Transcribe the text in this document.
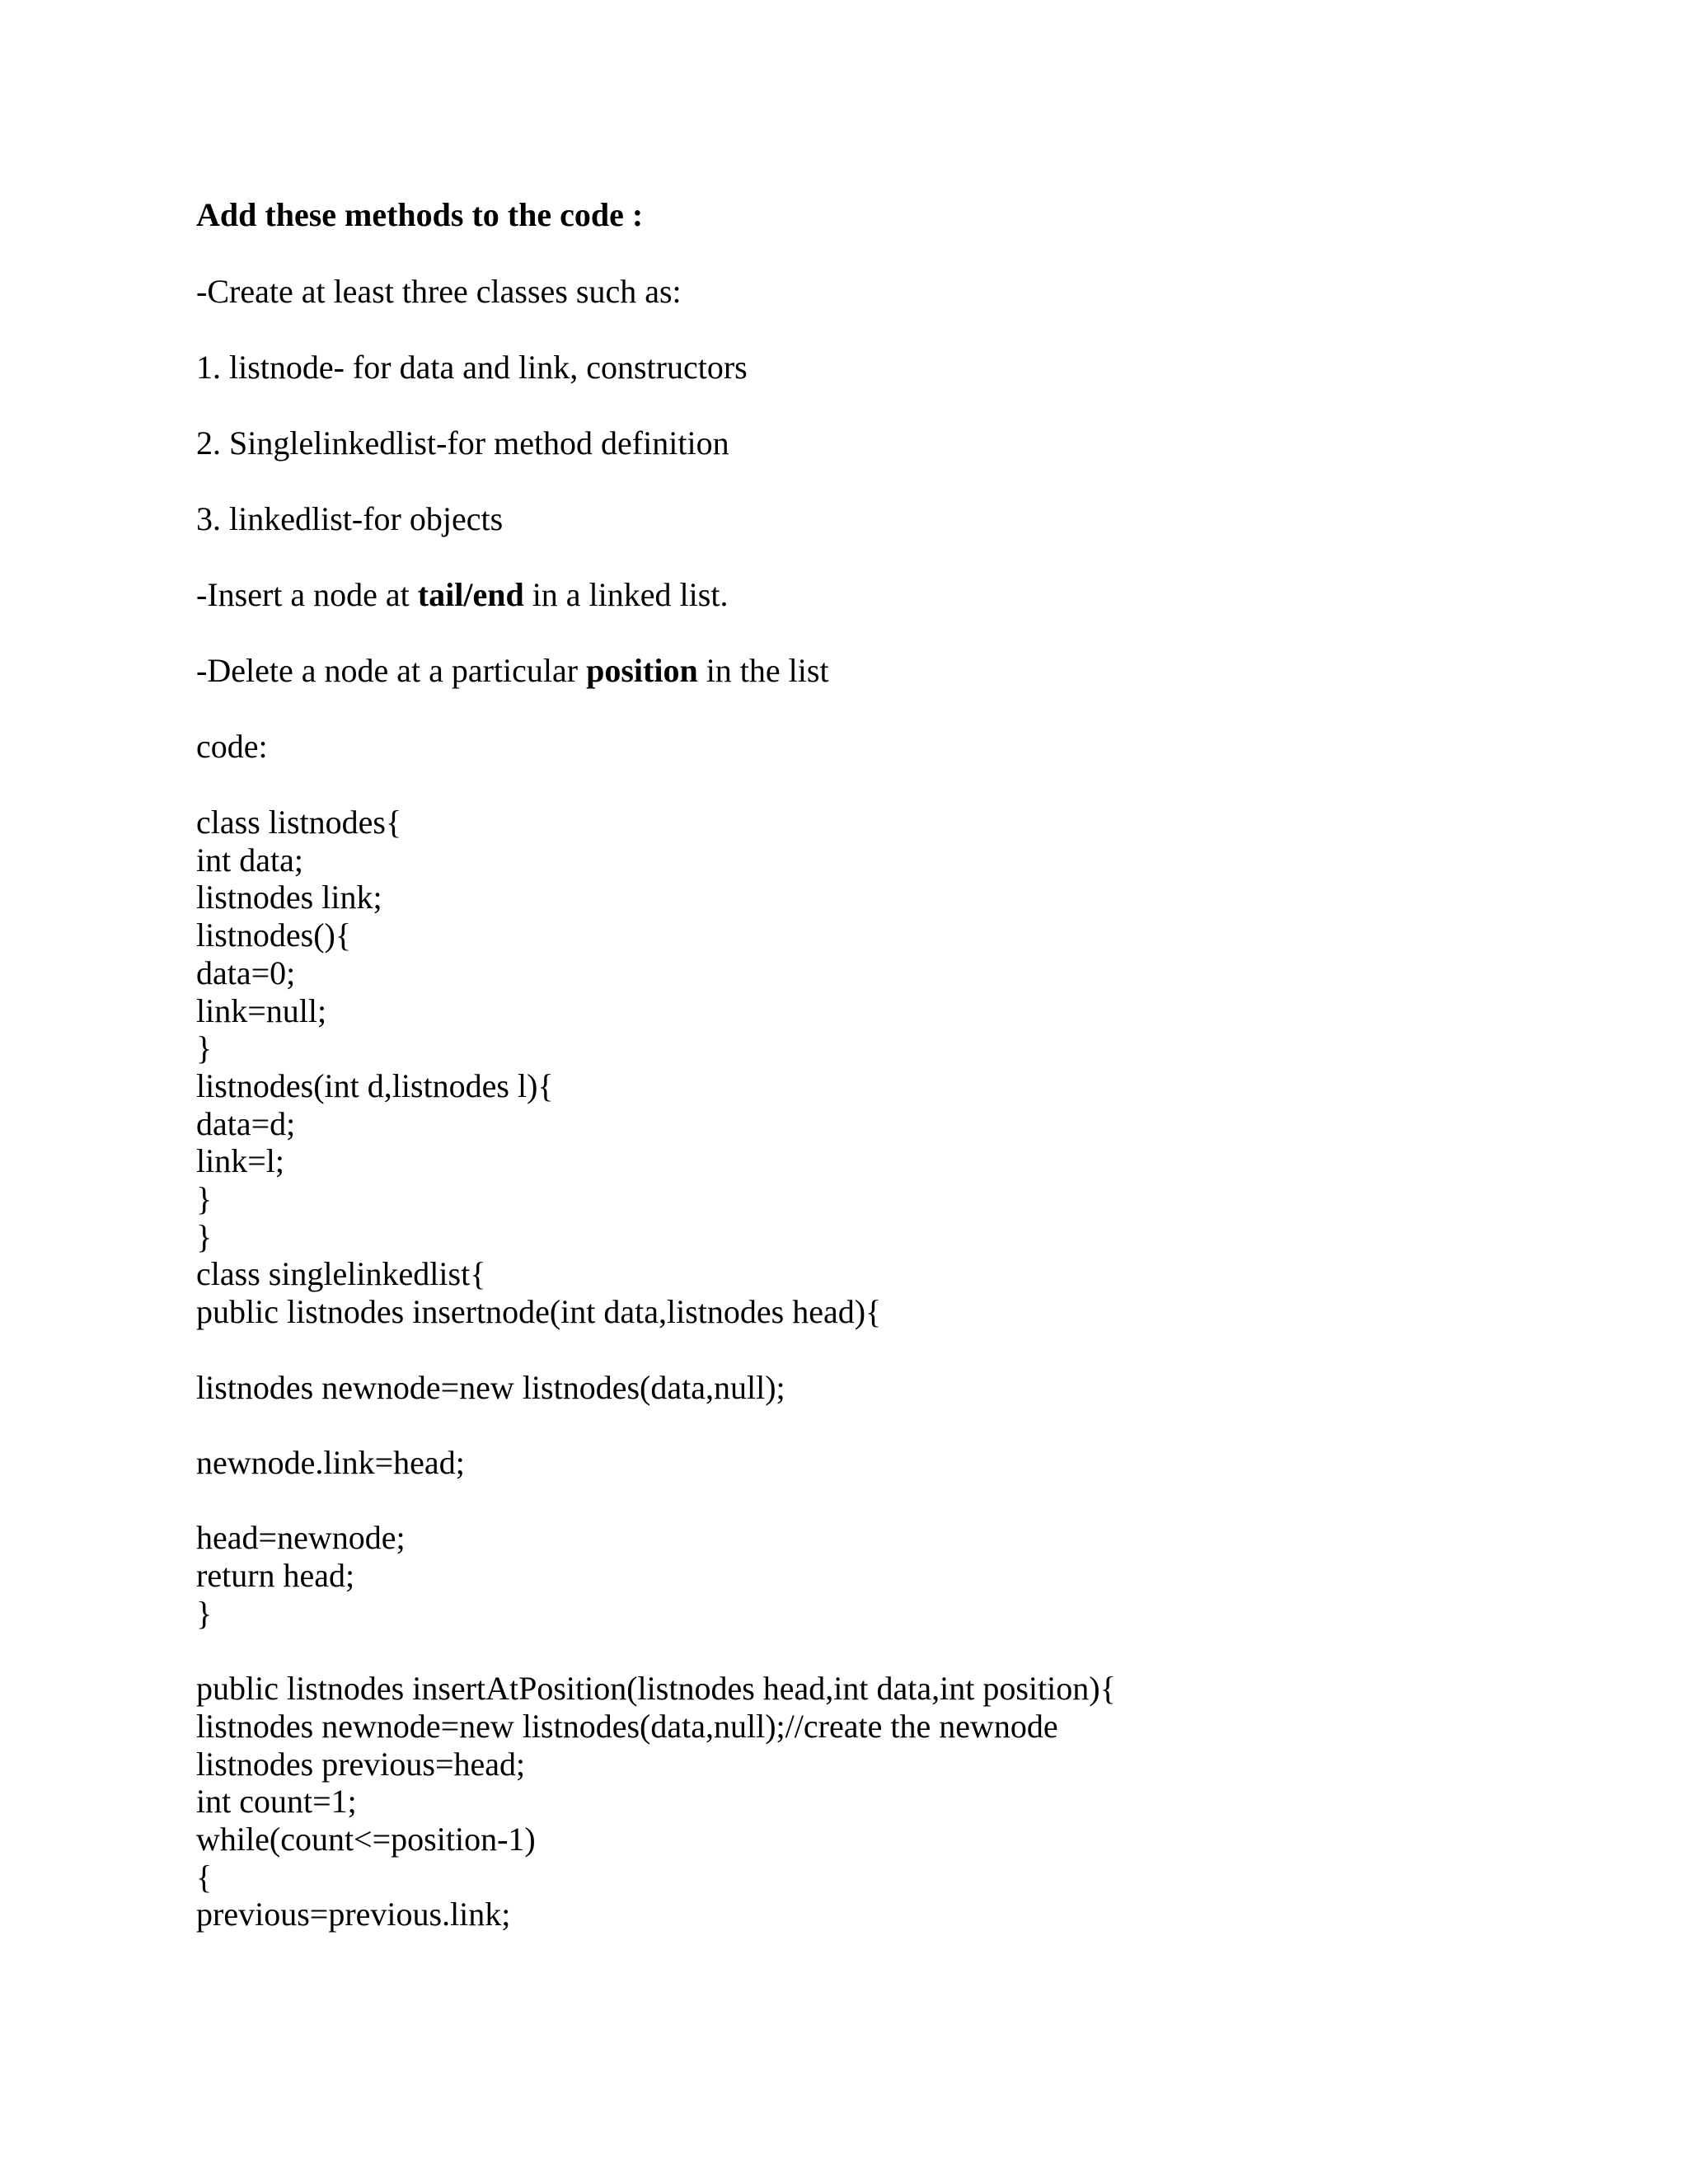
Add these methods to the code :
-Create at least three classes such as:
1. listnode- for data and link, constructors
2. Singlelinkedlist-for method definition
3. linkedlist-for objects
-Insert a node at tail/end in a linked list.
-Delete a node at a particular position in the list
code:
class listnodes{
int data;
listnodes link;
listnodes(){
data=0;
link=null;
}
listnodes(int d,listnodes l){
data=d;
link=l;
}
}
class singlelinkedlist{
public listnodes insertnode(int data,listnodes head){
listnodes newnode=new listnodes(data,null);
newnode.link=head;
head=newnode;
return head;
}
public listnodes insertAtPosition(listnodes head,int data,int position){
listnodes newnode=new listnodes(data,null);//create the newnode
listnodes previous=head;
int count=1;
while(count<=position-1)
{
previous=previous.link;
